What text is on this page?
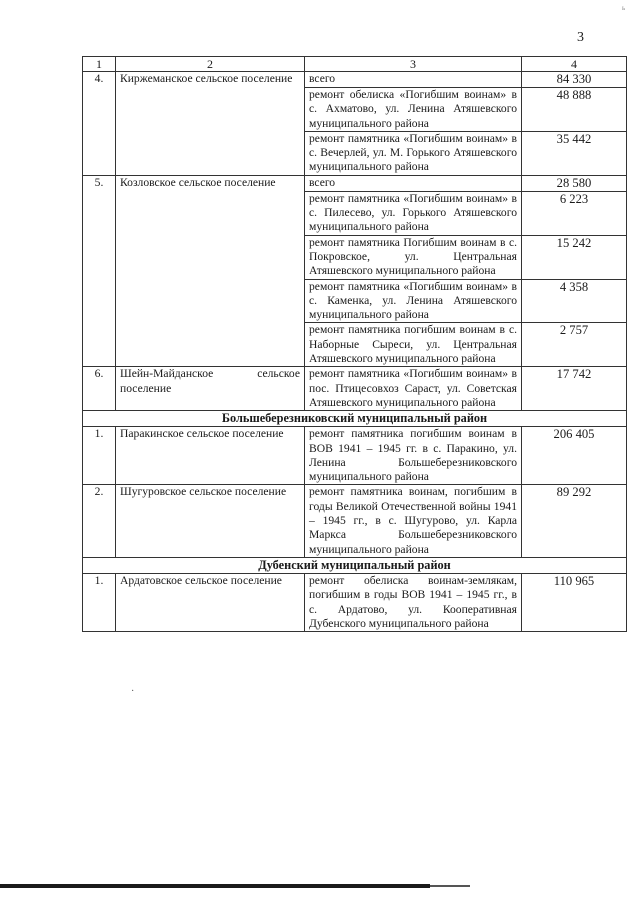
3
ь
1	2	3	4
4.	Киржеманское сельское поселение	всего	84 330
		ремонт обелиска «Погибшим воинам» в с. Ахматово, ул. Ленина Атяшевского муниципального района	48 888
		ремонт памятника «Погибшим воинам» в с. Вечерлей, ул. М. Горького Атяшевского муниципального района	35 442
5.	Козловское сельское поселение	всего	28 580
		ремонт памятника «Погибшим воинам» в с. Пилесево, ул. Горького Атяшевского муниципального района	6 223
		ремонт памятника Погибшим воинам в с. Покровское, ул. Центральная Атяшевского муниципального района	15 242
		ремонт памятника «Погибшим воинам» в с. Каменка, ул. Ленина Атяшевского муниципального района	4 358
		ремонт памятника погибшим воинам в с. Наборные Сыреси, ул. Центральная Атяшевского муниципального района	2 757
6.	Шейн-Майданское сельское поселение	ремонт памятника «Погибшим воинам» в пос. Птицесовхоз Сараст, ул. Советская Атяшевского муниципального района	17 742
Большеберезниковский муниципальный район			
1.	Паракинское сельское поселение	ремонт памятника погибшим воинам в ВОВ 1941 – 1945 гг. в с. Паракино, ул. Ленина Большеберезниковского муниципального района	206 405
2.	Шугуровское сельское поселение	ремонт памятника воинам, погибшим в годы Великой Отечественной войны 1941 – 1945 гг., в с. Шугурово, ул. Карла Маркса Большеберезниковского муниципального района	89 292
Дубенский муниципальный район			
1.	Ардатовское сельское поселение	ремонт обелиска воинам-землякам, погибшим в годы ВОВ 1941 – 1945 гг., в с. Ардатово, ул. Кооперативная Дубенского муниципального района	110 965
·
